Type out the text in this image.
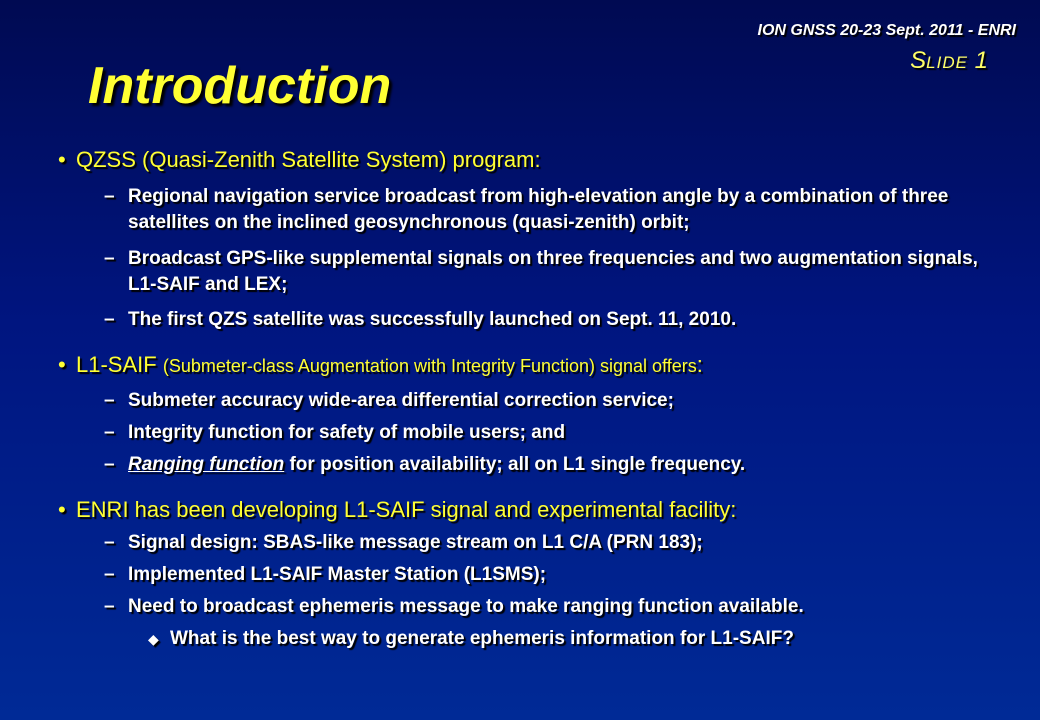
ION GNSS 20-23 Sept. 2011 - ENRI
SLIDE 1
Introduction
• QZSS (Quasi-Zenith Satellite System) program:
– Regional navigation service broadcast from high-elevation angle by a combination of three satellites on the inclined geosynchronous (quasi-zenith) orbit;
– Broadcast GPS-like supplemental signals on three frequencies and two augmentation signals, L1-SAIF and LEX;
– The first QZS satellite was successfully launched on Sept. 11, 2010.
• L1-SAIF (Submeter-class Augmentation with Integrity Function) signal offers:
– Submeter accuracy wide-area differential correction service;
– Integrity function for safety of mobile users; and
– Ranging function for position availability; all on L1 single frequency.
• ENRI has been developing L1-SAIF signal and experimental facility:
– Signal design: SBAS-like message stream on L1 C/A (PRN 183);
– Implemented L1-SAIF Master Station (L1SMS);
– Need to broadcast ephemeris message to make ranging function available.
◆ What is the best way to generate ephemeris information for L1-SAIF?
